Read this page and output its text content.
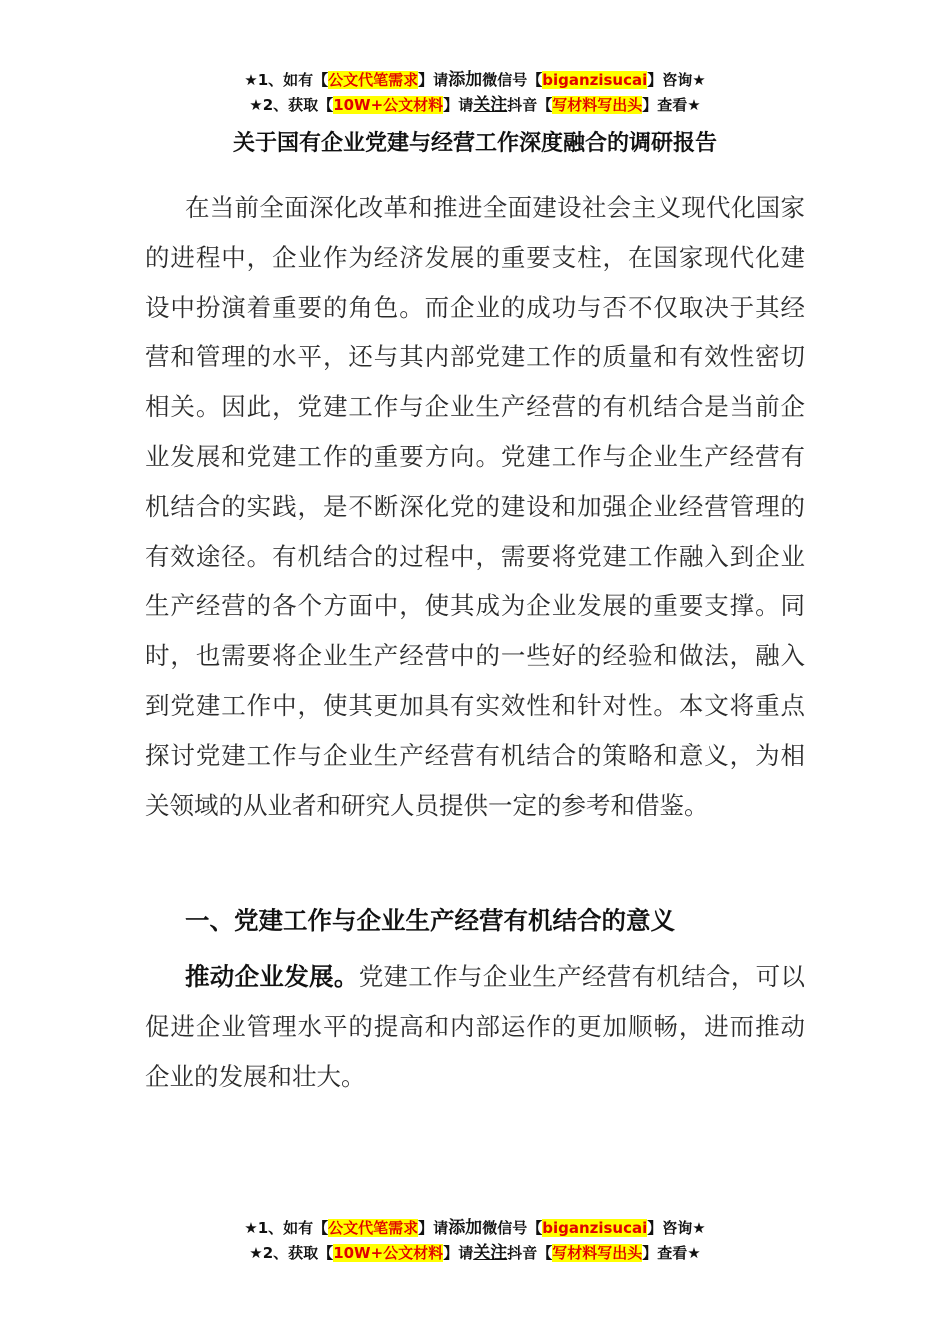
★1、如有【公文代笔需求】请添加微信号【biganzisucai】咨询★
★2、获取【10W+公文材料】请关注抖音【写材料写出头】查看★
关于国有企业党建与经营工作深度融合的调研报告

在当前全面深化改革和推进全面建设社会主义现代化国家的进程中，企业作为经济发展的重要支柱，在国家现代化建设中扮演着重要的角色。而企业的成功与否不仅取决于其经营和管理的水平，还与其内部党建工作的质量和有效性密切相关。因此，党建工作与企业生产经营的有机结合是当前企业发展和党建工作的重要方向。党建工作与企业生产经营有机结合的实践，是不断深化党的建设和加强企业经营管理的有效途径。有机结合的过程中，需要将党建工作融入到企业生产经营的各个方面中，使其成为企业发展的重要支撑。同时，也需要将企业生产经营中的一些好的经验和做法，融入到党建工作中，使其更加具有实效性和针对性。本文将重点探讨党建工作与企业生产经营有机结合的策略和意义，为相关领域的从业者和研究人员提供一定的参考和借鉴。

一、党建工作与企业生产经营有机结合的意义

推动企业发展。党建工作与企业生产经营有机结合，可以促进企业管理水平的提高和内部运作的更加顺畅，进而推动企业的发展和壮大。

★1、如有【公文代笔需求】请添加微信号【biganzisucai】咨询★
★2、获取【10W+公文材料】请关注抖音【写材料写出头】查看★
